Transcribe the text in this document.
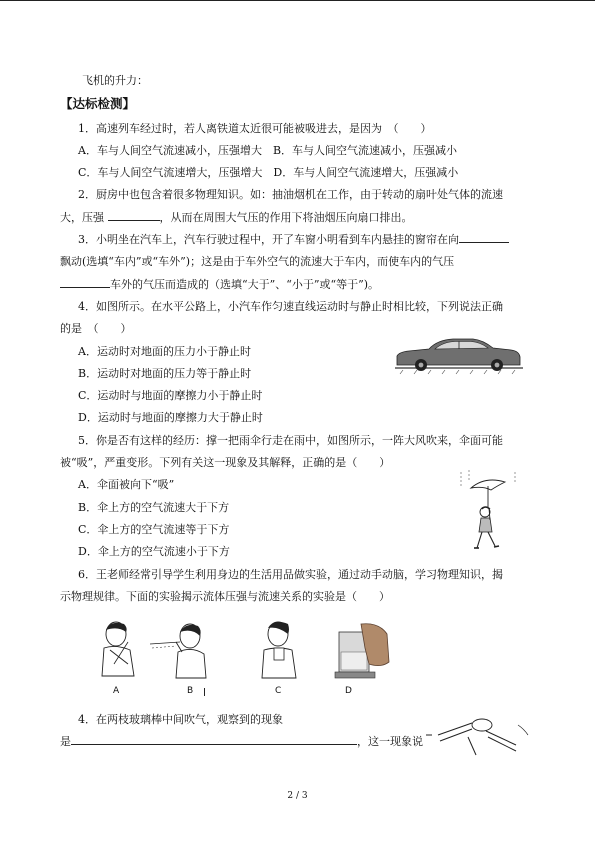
飞机的升力：
【达标检测】
1．高速列车经过时，若人离铁道太近很可能被吸进去，是因为　（　　）
A．车与人间空气流速减小，压强增大　B．车与人间空气流速减小，压强减小
C．车与人间空气流速增大，压强增大　D．车与人间空气流速增大，压强减小
2．厨房中也包含着很多物理知识。如：抽油烟机在工作，由于转动的扇叶处气体的流速
大，压强	，从而在周围大气压的作用下将油烟压向扇口排出。
3．小明坐在汽车上，汽车行驶过程中，开了车窗小明看到车内悬挂的窗帘在向
飘动(选填“车内”或“车外”)；这是由于车外空气的流速大于车内，而使车内的气压
车外的气压而造成的（选填“大于”、“小于”或“等于”)。
4．如图所示。在水平公路上，小汽车作匀速直线运动时与静止时相比较，下列说法正确
的是　（　　）
A．运动时对地面的压力小于静止时
B．运动时对地面的压力等于静止时
C．运动时与地面的摩擦力小于静止时
D．运动时与地面的摩擦力大于静止时
5．你是否有这样的经历：撑一把雨伞行走在雨中，如图所示，一阵大风吹来，伞面可能
被“吸”，严重变形。下列有关这一现象及其解释，正确的是（　　）
A．伞面被向下“吸”
B．伞上方的空气流速大于下方
C．伞上方的空气流速等于下方
D．伞上方的空气流速小于下方
6．王老师经常引导学生利用身边的生活用品做实验，通过动手动脑，学习物理知识，揭
示物理规律。下面的实验揭示流体压强与流速关系的实验是（　　）
4．在两枝玻璃棒中间吹气，观察到的现象
是	，这一现象说
A	B	C	D
2 / 3
